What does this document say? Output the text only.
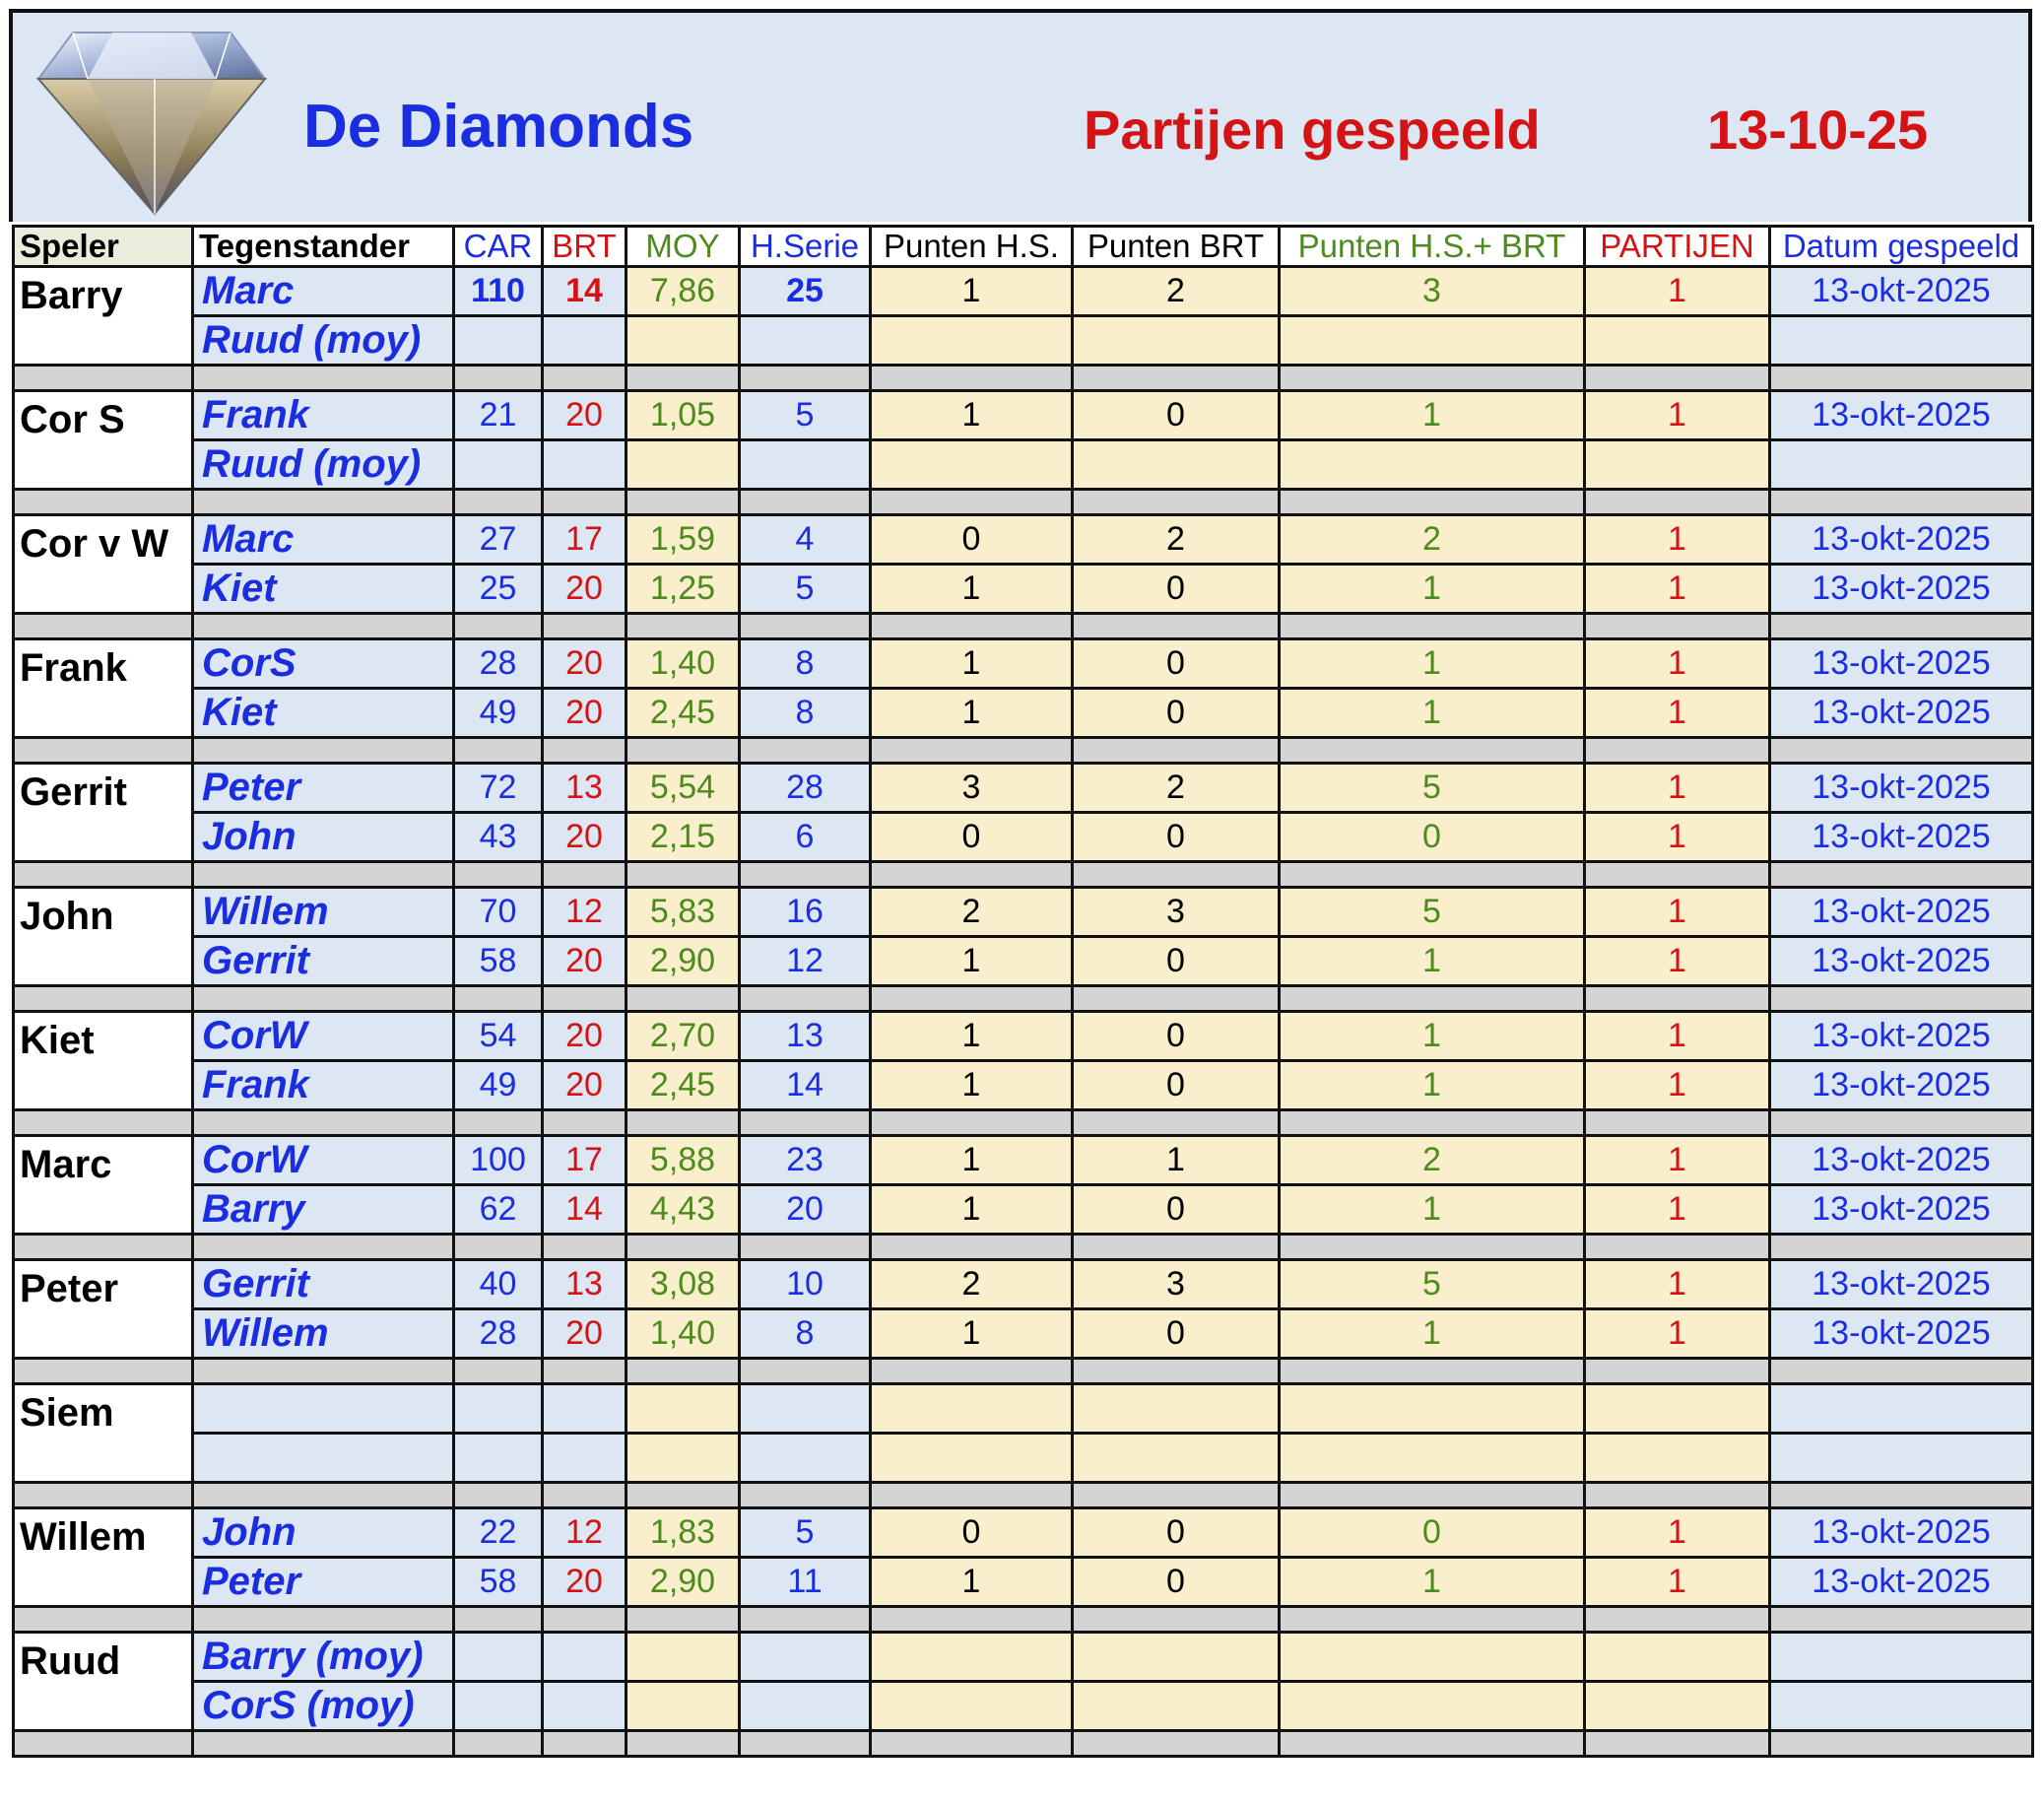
De Diamonds	Partijen gespeeld	13-10-25
Speler	Tegenstander	CAR	BRT	MOY	H.Serie	Punten H.S.	Punten BRT	Punten H.S.+ BRT	PARTIJEN	Datum gespeeld
Barry	Marc	110	14	7,86	25	1	2	3	1	13-okt-2025
	Ruud (moy)									

Cor S	Frank	21	20	1,05	5	1	0	1	1	13-okt-2025
	Ruud (moy)									

Cor v W	Marc	27	17	1,59	4	0	2	2	1	13-okt-2025
	Kiet	25	20	1,25	5	1	0	1	1	13-okt-2025

Frank	CorS	28	20	1,40	8	1	0	1	1	13-okt-2025
	Kiet	49	20	2,45	8	1	0	1	1	13-okt-2025

Gerrit	Peter	72	13	5,54	28	3	2	5	1	13-okt-2025
	John	43	20	2,15	6	0	0	0	1	13-okt-2025

John	Willem	70	12	5,83	16	2	3	5	1	13-okt-2025
	Gerrit	58	20	2,90	12	1	0	1	1	13-okt-2025

Kiet	CorW	54	20	2,70	13	1	0	1	1	13-okt-2025
	Frank	49	20	2,45	14	1	0	1	1	13-okt-2025

Marc	CorW	100	17	5,88	23	1	1	2	1	13-okt-2025
	Barry	62	14	4,43	20	1	0	1	1	13-okt-2025

Peter	Gerrit	40	13	3,08	10	2	3	5	1	13-okt-2025
	Willem	28	20	1,40	8	1	0	1	1	13-okt-2025

Siem										

Willem	John	22	12	1,83	5	0	0	0	1	13-okt-2025
	Peter	58	20	2,90	11	1	0	1	1	13-okt-2025

Ruud	Barry (moy)									
	CorS (moy)									
